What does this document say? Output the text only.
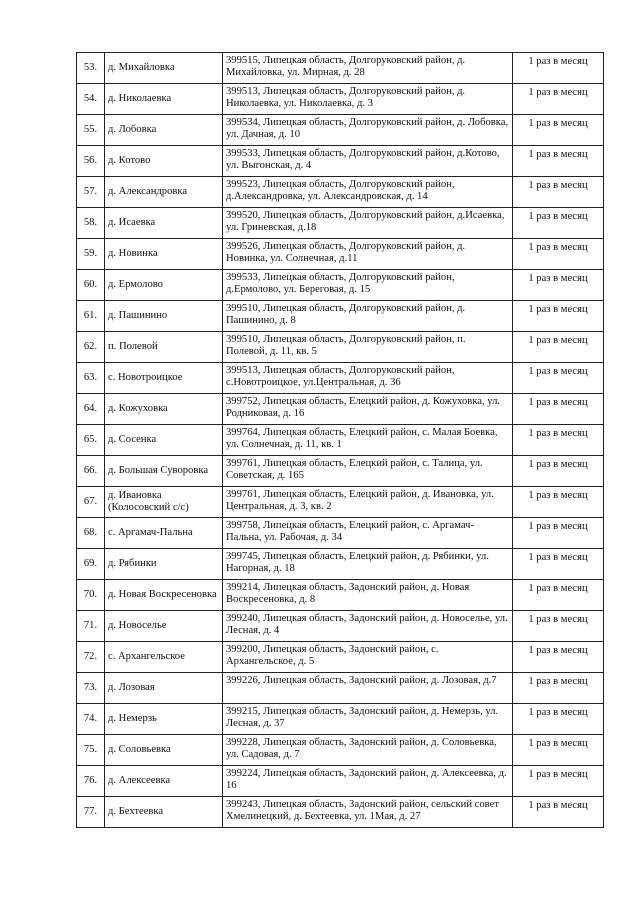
53.	д. Михайловка	399515, Липецкая область, Долгоруковский район, д. Михайловка, ул. Мирная, д. 28	1 раз в месяц
54.	д. Николаевка	399513, Липецкая область, Долгоруковский район, д. Николаевка, ул. Николаевка, д. 3	1 раз в месяц
55.	д. Лобовка	399534, Липецкая область, Долгоруковский район, д. Лобовка, ул. Дачная, д. 10	1 раз в месяц
56.	д. Котово	399533, Липецкая область, Долгоруковский район, д.Котово, ул. Выгонская, д. 4	1 раз в месяц
57.	д. Александровка	399523, Липецкая область, Долгоруковский район, д.Александровка, ул. Александровская, д. 14	1 раз в месяц
58.	д. Исаевка	399520, Липецкая область, Долгоруковский район, д.Исаевка, ул. Гриневская, д.18	1 раз в месяц
59.	д. Новинка	399526, Липецкая область, Долгоруковский район, д. Новинка, ул. Солнечная, д.11	1 раз в месяц
60.	д. Ермолово	399533, Липецкая область, Долгоруковский район, д.Ермолово, ул. Береговая, д. 15	1 раз в месяц
61.	д. Пашинино	399510, Липецкая область, Долгоруковский район, д. Пашинино, д. 8	1 раз в месяц
62.	п. Полевой	399510, Липецкая область, Долгоруковский район, п. Полевой, д. 11, кв. 5	1 раз в месяц
63.	с. Новотроицкое	399513, Липецкая область, Долгоруковский район, с.Новотроицкое, ул.Центральная, д. 36	1 раз в месяц
64.	д. Кожуховка	399752, Липецкая область, Елецкий район, д. Кожуховка, ул. Родниковая, д. 16	1 раз в месяц
65.	д. Сосенка	399764, Липецкая область, Елецкий район, с. Малая Боевка, ул. Солнечная, д. 11, кв. 1	1 раз в месяц
66.	д. Большая Суворовка	399761, Липецкая область, Елецкий район, с. Талица, ул. Советская, д. 165	1 раз в месяц
67.	д. Ивановка (Колосовский с/с)	399761, Липецкая область, Елецкий район, д. Ивановка, ул. Центральная, д. 3, кв. 2	1 раз в месяц
68.	с. Аргамач-Пальна	399758, Липецкая область, Елецкий район, с. Аргамач-Пальна, ул. Рабочая, д. 34	1 раз в месяц
69.	д. Рябинки	399745, Липецкая область, Елецкий район, д. Рябинки, ул. Нагорная, д. 18	1 раз в месяц
70.	д. Новая Воскресеновка	399214, Липецкая область, Задонский район, д. Новая Воскресеновка, д. 8	1 раз в месяц
71.	д. Новоселье	399240, Липецкая область, Задонский район, д. Новоселье, ул. Лесная, д. 4	1 раз в месяц
72.	с. Архангельское	399200, Липецкая область, Задонский район, с. Архангельское, д. 5	1 раз в месяц
73.	д. Лозовая	399226, Липецкая область, Задонский район, д. Лозовая, д.7	1 раз в месяц
74.	д. Немерзь	399215, Липецкая область, Задонский район, д. Немерзь, ул. Лесная, д. 37	1 раз в месяц
75.	д. Соловьевка	399228, Липецкая область, Задонский район, д. Соловьевка, ул. Садовая, д. 7	1 раз в месяц
76.	д. Алексеевка	399224, Липецкая область, Задонский район, д. Алексеевка, д. 16	1 раз в месяц
77.	д. Бехтеевка	399243, Липецкая область, Задонский район, сельский совет Хмелинецкий, д. Бехтеевка, ул. 1Мая, д. 27	1 раз в месяц
